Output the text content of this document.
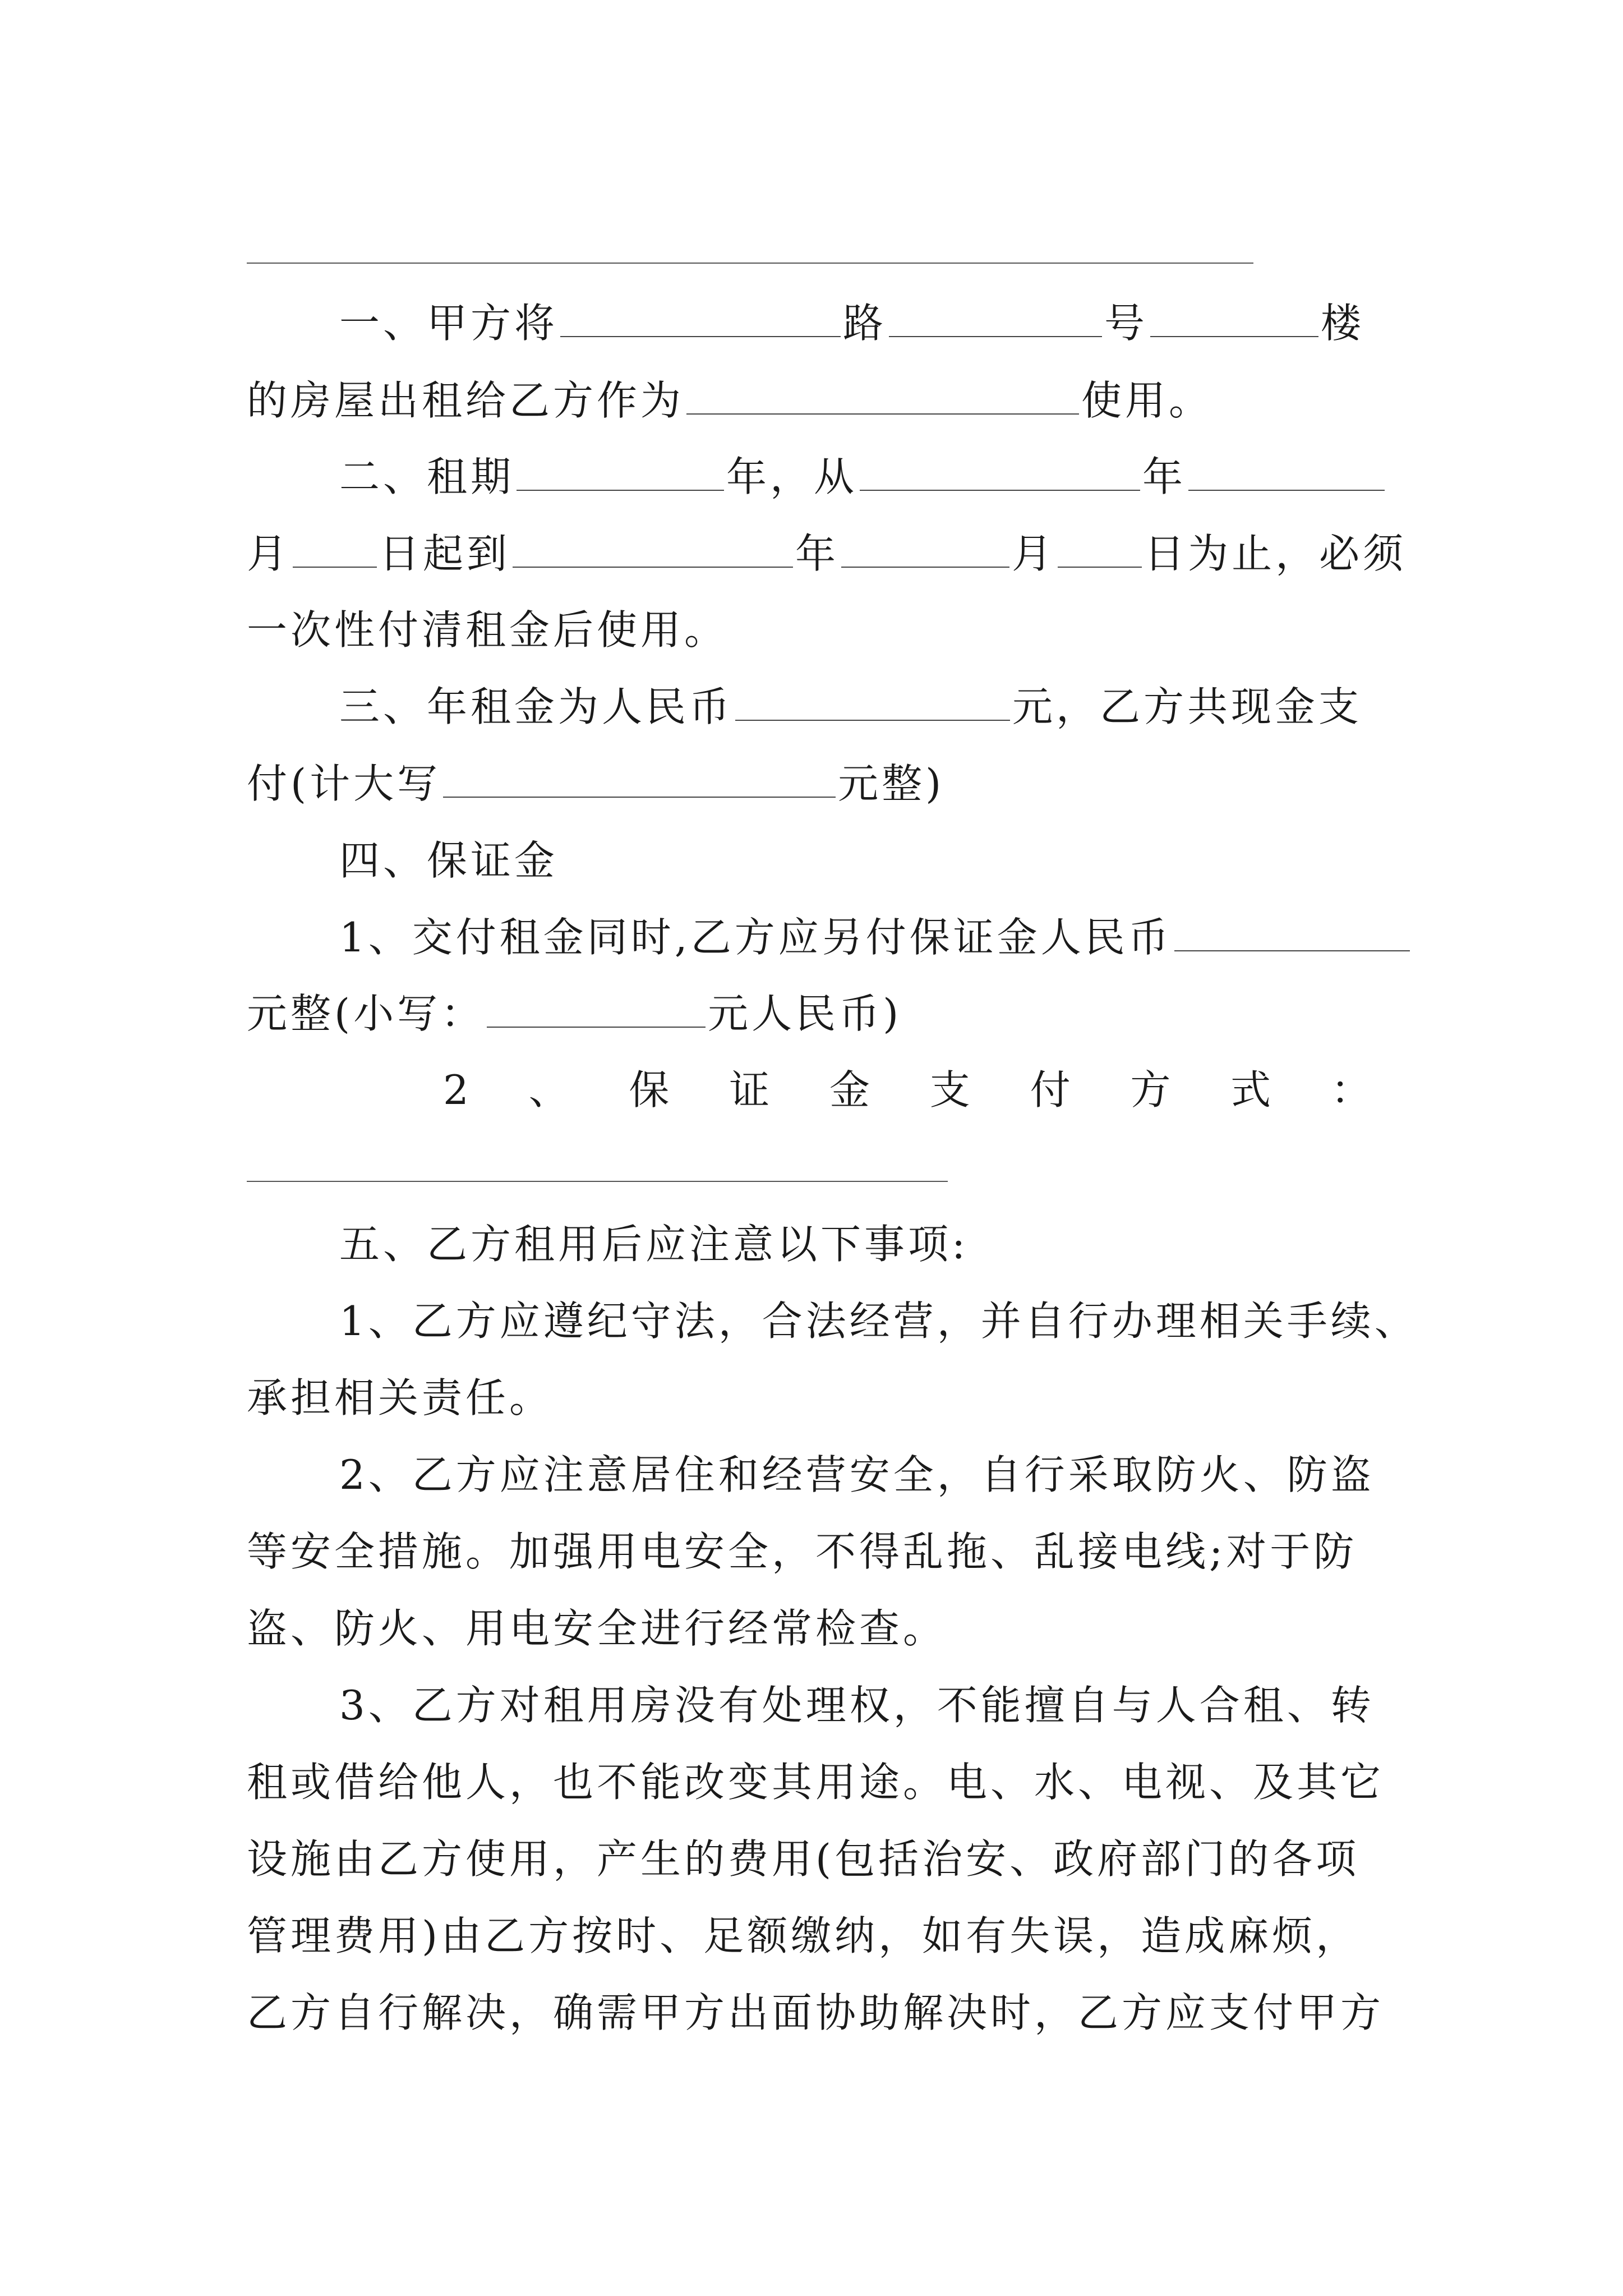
一、甲方将	路	号	楼
的房屋出租给乙方作为	使用。
二、租期	年，从	年
月 日起到	年	月 日为止，必须
一次性付清租金后使用。
三、年租金为人民币	元，乙方共现金支
付(计大写	元整)
四、保证金
1、交付租金同时,乙方应另付保证金人民币
元整(小写：	元人民币)
2 、 保 证 金 支 付 方 式 ：
五、乙方租用后应注意以下事项:
1、乙方应遵纪守法，合法经营，并自行办理相关手续、
承担相关责任。
2、乙方应注意居住和经营安全，自行采取防火、防盗
等安全措施。加强用电安全，不得乱拖、乱接电线;对于防
盗、防火、用电安全进行经常检查。
3、乙方对租用房没有处理权，不能擅自与人合租、转
租或借给他人，也不能改变其用途。电、水、电视、及其它
设施由乙方使用，产生的费用(包括治安、政府部门的各项
管理费用)由乙方按时、足额缴纳，如有失误，造成麻烦，
乙方自行解决，确需甲方出面协助解决时，乙方应支付甲方
